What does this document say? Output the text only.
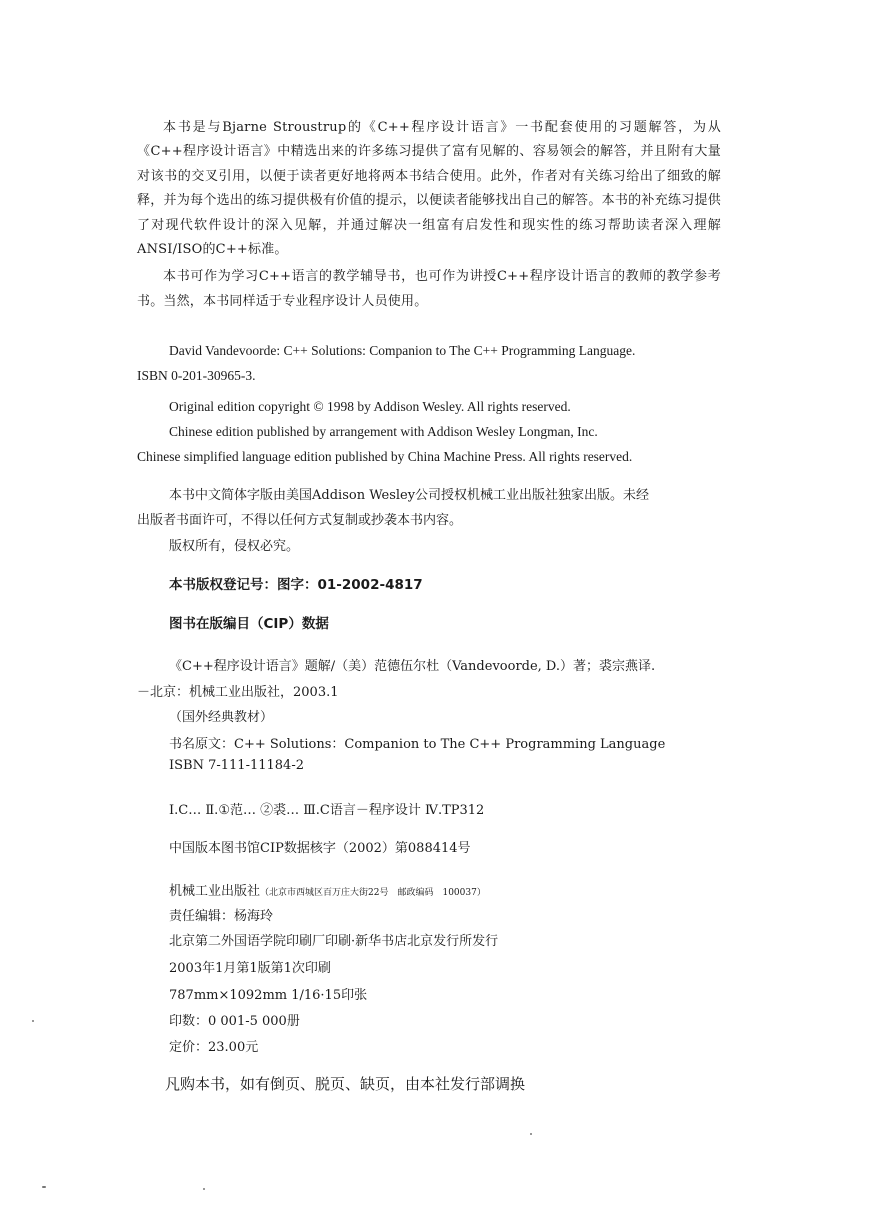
本书是与Bjarne Stroustrup的《C++程序设计语言》一书配套使用的习题解答，为从《C++程序设计语言》中精选出来的许多练习提供了富有见解的、容易领会的解答，并且附有大量对该书的交叉引用，以便于读者更好地将两本书结合使用。此外，作者对有关练习给出了细致的解释，并为每个选出的练习提供极有价值的提示，以便读者能够找出自己的解答。本书的补充练习提供了对现代软件设计的深入见解，并通过解决一组富有启发性和现实性的练习帮助读者深入理解ANSI/ISO的C++标准。

本书可作为学习C++语言的教学辅导书，也可作为讲授C++程序设计语言的教师的教学参考书。当然，本书同样适于专业程序设计人员使用。

David Vandevoorde: C++ Solutions: Companion to The C++ Programming Language.
ISBN 0-201-30965-3.
Original edition copyright © 1998 by Addison Wesley. All rights reserved.
Chinese edition published by arrangement with Addison Wesley Longman, Inc.
Chinese simplified language edition published by China Machine Press. All rights reserved.
本书中文简体字版由美国Addison Wesley公司授权机械工业出版社独家出版。未经
出版者书面许可，不得以任何方式复制或抄袭本书内容。
版权所有，侵权必究。
本书版权登记号：图字：01-2002-4817
图书在版编目（CIP）数据
《C++程序设计语言》题解/（美）范德伍尔杜（Vandevoorde, D.）著；裘宗燕译.
－北京：机械工业出版社，2003.1
（国外经典教材）
书名原文：C++ Solutions：Companion to The C++ Programming Language
ISBN 7-111-11184-2
Ⅰ.C… Ⅱ.①范… ②裘… Ⅲ.C语言－程序设计 Ⅳ.TP312
中国版本图书馆CIP数据核字（2002）第088414号
机械工业出版社（北京市西城区百万庄大街22号　邮政编码　100037）
责任编辑：杨海玲
北京第二外国语学院印刷厂印刷·新华书店北京发行所发行
2003年1月第1版第1次印刷
787mm×1092mm 1/16·15印张
印数：0 001-5 000册
定价：23.00元
凡购本书，如有倒页、脱页、缺页，由本社发行部调换
